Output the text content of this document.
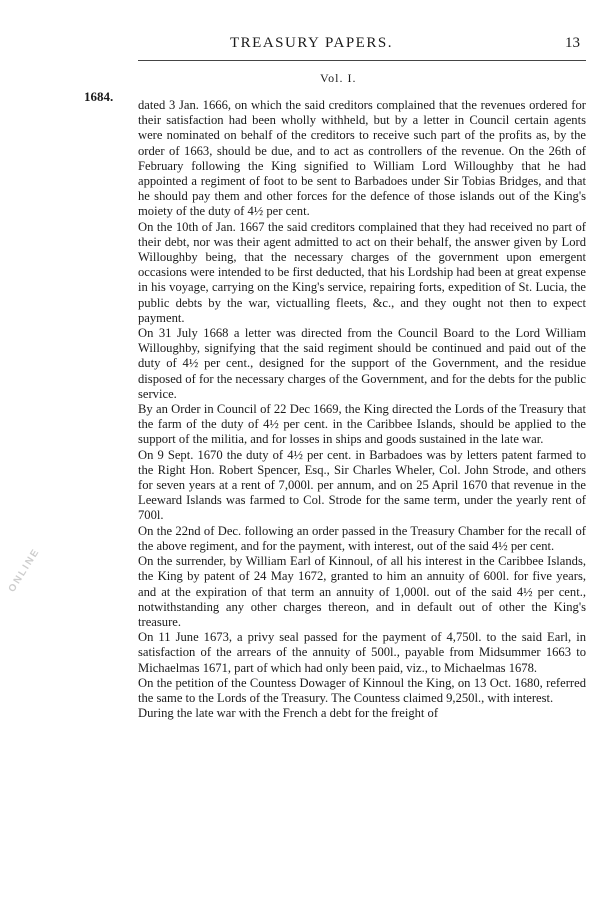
TREASURY PAPERS.	13
Vol. I.
1684.

dated 3 Jan. 1666, on which the said creditors complained that the revenues ordered for their satisfaction had been wholly withheld, but by a letter in Council certain agents were nominated on behalf of the creditors to receive such part of the profits as, by the order of 1663, should be due, and to act as controllers of the revenue. On the 26th of February following the King signified to William Lord Willoughby that he had appointed a regiment of foot to be sent to Barbadoes under Sir Tobias Bridges, and that he should pay them and other forces for the defence of those islands out of the King's moiety of the duty of 4½ per cent.

On the 10th of Jan. 1667 the said creditors complained that they had received no part of their debt, nor was their agent admitted to act on their behalf, the answer given by Lord Willoughby being, that the necessary charges of the government upon emergent occasions were intended to be first deducted, that his Lordship had been at great expense in his voyage, carrying on the King's service, repairing forts, expedition of St. Lucia, the public debts by the war, victualling fleets, &c., and they ought not then to expect payment.

On 31 July 1668 a letter was directed from the Council Board to the Lord William Willoughby, signifying that the said regiment should be continued and paid out of the duty of 4½ per cent., designed for the support of the Government, and the residue disposed of for the necessary charges of the Government, and for the debts for the public service.

By an Order in Council of 22 Dec 1669, the King directed the Lords of the Treasury that the farm of the duty of 4½ per cent. in the Caribbee Islands, should be applied to the support of the militia, and for losses in ships and goods sustained in the late war.

On 9 Sept. 1670 the duty of 4½ per cent. in Barbadoes was by letters patent farmed to the Right Hon. Robert Spencer, Esq., Sir Charles Wheler, Col. John Strode, and others for seven years at a rent of 7,000l. per annum, and on 25 April 1670 that revenue in the Leeward Islands was farmed to Col. Strode for the same term, under the yearly rent of 700l.

On the 22nd of Dec. following an order passed in the Treasury Chamber for the recall of the above regiment, and for the payment, with interest, out of the said 4½ per cent.

On the surrender, by William Earl of Kinnoul, of all his interest in the Caribbee Islands, the King by patent of 24 May 1672, granted to him an annuity of 600l. for five years, and at the expiration of that term an annuity of 1,000l. out of the said 4½ per cent., notwithstanding any other charges thereon, and in default out of other the King's treasure.

On 11 June 1673, a privy seal passed for the payment of 4,750l. to the said Earl, in satisfaction of the arrears of the annuity of 500l., payable from Midsummer 1663 to Michaelmas 1671, part of which had only been paid, viz., to Michaelmas 1678.

On the petition of the Countess Dowager of Kinnoul the King, on 13 Oct. 1680, referred the same to the Lords of the Treasury. The Countess claimed 9,250l., with interest.

During the late war with the French a debt for the freight of

ONLINE
